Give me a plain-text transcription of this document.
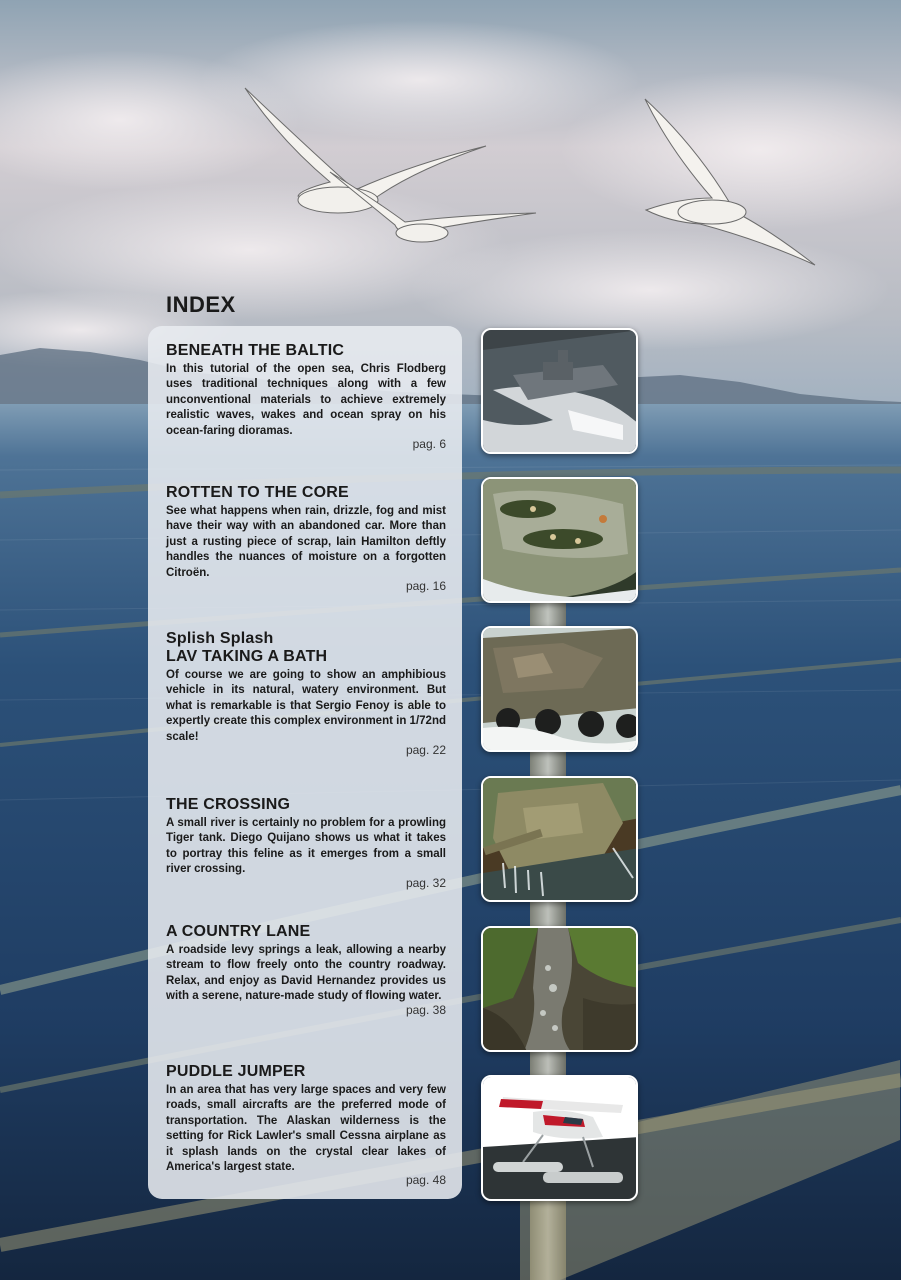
INDEX
BENEATH THE BALTIC

In this tutorial of the open sea, Chris Flodberg uses traditional techniques along with a few unconventional materials to achieve extremely realistic waves, wakes and ocean spray on his ocean-faring dioramas.

pag. 6
ROTTEN TO THE CORE

See what happens when rain, drizzle, fog and mist have their way with an abandoned car. More than just a rusting piece of scrap, Iain Hamilton deftly handles the nuances of moisture on a forgotten Citroën.

pag. 16
Splish Splash
LAV TAKING A BATH

Of course we are going to show an amphibious vehicle in its natural, watery environment. But what is remarkable is that Sergio Fenoy is able to expertly create this complex environment in 1/72nd scale!

pag. 22
THE CROSSING

A small river is certainly no problem for a prowling Tiger tank. Diego Quijano shows us what it takes to portray this feline as it emerges from a small river crossing.

pag. 32
A COUNTRY LANE

A roadside levy springs a leak, allowing a nearby stream to flow freely onto the country roadway. Relax, and enjoy as David Hernandez provides us with a serene, nature-made study of flowing water.

pag. 38
PUDDLE JUMPER

In an area that has very large spaces and very few roads, small aircrafts are the preferred mode of transportation. The Alaskan wilderness is the setting for Rick Lawler's small Cessna airplane as it splash lands on the crystal clear lakes of America's largest state.

pag. 48
